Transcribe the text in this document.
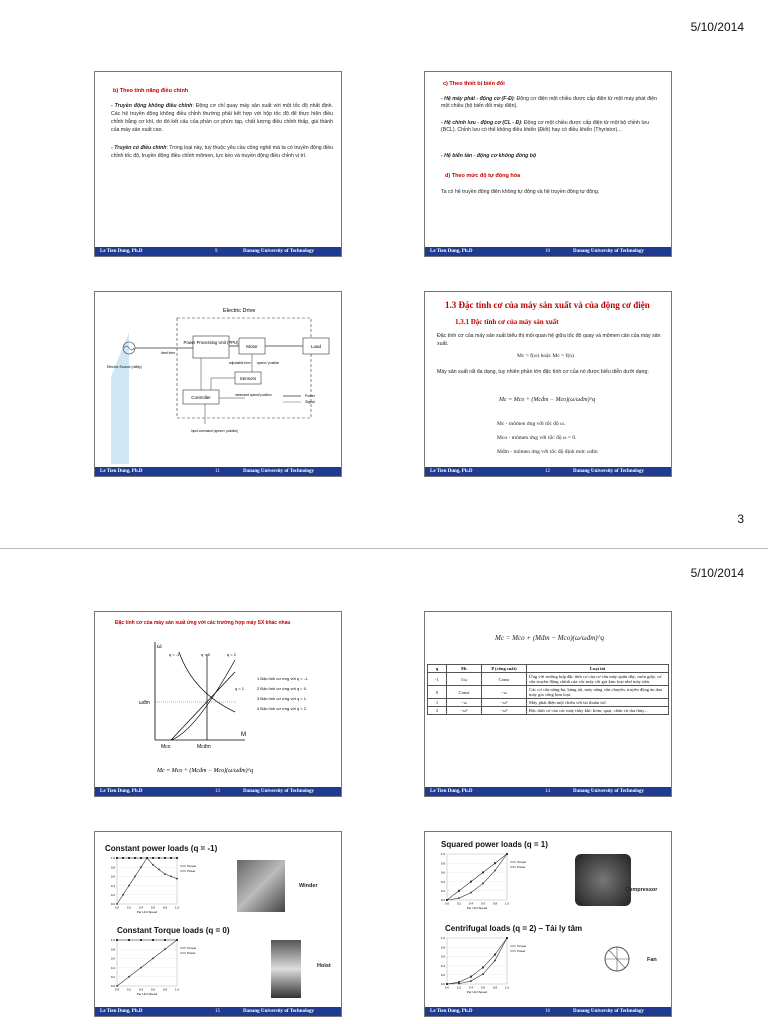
5/10/2014
b) Theo tính năng điều chỉnh
- Truyền động không điều chỉnh: Động cơ chỉ quay máy sản xuất với một tốc độ nhất định. Các hệ truyền động không điều chỉnh thường phải kết hợp với hộp tốc độ để thực hiện điều chỉnh bằng cơ khí, do đó kết cấu của phần cơ phức tạp, chất lượng điều chỉnh thấp, giá thành của máy sản xuất cao.
- Truyền có điều chỉnh: Trong loại này, tuỳ thuộc yêu cầu công nghệ mà ta có truyền động điều chỉnh tốc độ, truyền động điều chỉnh mômen, lực kéo và truyền động điều chỉnh vị trí.
Le Tien Dung, Ph.D	9	Danang University of Technology
c) Theo thiết bị biến đổi
- Hệ máy phát - động cơ (F-Đ): Động cơ điện một chiều được cấp điện từ một máy phát điện một chiều (bộ biến đổi máy điện).
- Hệ chỉnh lưu - động cơ (CL - Đ): Động cơ một chiều được cấp điện từ một bộ chỉnh lưu (BCL). Chỉnh lưu có thể không điều khiển (Điốt) hay có điều khiển (Thyristor)...
- Hệ biến tần - động cơ không đồng bộ
d) Theo mức độ tự động hóa
Ta có hệ truyền động điện không tự động và hệ truyền động tự động.
Le Tien Dung, Ph.D	10	Danang University of Technology
Electric Drive
Power Processing Unit (PPU)
Motor	Load
Sensors
Controller	Power
Signal
Electric Source (utility)
fixed form
adjustable form speed / position
measured speed/ position
input command (speed / position)
Le Tien Dung, Ph.D	11	Danang University of Technology
1.3 Đặc tính cơ của máy sản xuất và của động cơ điện
1.3.1 Đặc tính cơ của máy sản xuất
Đặc tính cơ của máy sản xuất biểu thị mối quan hệ giữa tốc độ quay và mômen cản của máy sản xuất.
Mc = f(ω) hoặc Mc = f(n)
Máy sản xuất rất đa dạng, tuy nhiên phần lớn đặc tính cơ của nó được biểu diễn dưới dạng:
Mc = Mco + (Mcđm − Mco)(ω/ωđm)^q
Mc - mômen ứng với tốc độ ω.
Mco - mômen ứng với tốc độ ω = 0.
Mđm - mômen ứng với tốc độ định mức ωđm
Le Tien Dung, Ph.D	12	Danang University of Technology
3
5/10/2014
Đặc tính cơ của máy sản xuất ứng với các trường hợp máy SX khác nhau
ω
M
ωđm
Mco	Mcđm
q = -1	q = 0	q = 2
q = 1
1 Đặc tính cơ ứng với q = -1.
2 Đặc tính cơ ứng với q = 0.
3 Đặc tính cơ ứng với q = 1.
4 Đặc tính cơ ứng với q = 2.
Mc = Mco + (Mcđm − Mco)(ω/ωđm)^q
Le Tien Dung, Ph.D	13	Danang University of Technology
Mc = Mco + (Mđm − Mco)(ω/ωđm)^q
q	Mc	P (công suất)	Loại tải
-1	1/ω	Const	Ứng với trường hợp đặc tính cơ của cơ cấu máy quấn dây, cuốn giấy, cơ cấu truyền động chính của các máy cắt gọt kim loại như máy tiện.
0	Const	~ω	Các cơ cấu nâng-hạ, băng tải, máy nâng vận chuyển, truyền động ăn dao máy gia công kim loại.
1	~ω	~ω²	Máy phát điện một chiều với tải thuần trở.
2	~ω²	~ω³	Đặc tính cơ của các máy thủy khí: bơm, quạt, chân vịt tàu thủy...
Le Tien Dung, Ph.D	14	Danang University of Technology
Constant power loads (q = -1)
0.0
0.2
0.4
0.6
0.8
1.0
0.0	0.2	0.4	0.6	0.8	1.0
Per Unit Speed
Torque
Power
Winder
Constant Torque loads (q = 0)
0.0
0.2
0.4
0.6
0.8
1.0
0.0	0.2	0.4	0.6	0.8	1.0
Per Unit Speed
Torque
Power
Hoist
Le Tien Dung, Ph.D	15	Danang University of Technology
Squared power loads (q = 1)
0.0
0.2
0.4
0.6
0.8
1.0
0.0	0.2	0.4	0.6	0.8	1.0
Per Unit Speed
Torque
Power
Compressor
Centrifugal loads (q = 2) – Tải ly tâm
0.0
0.2
0.4
0.6
0.8
1.0
0.0	0.2	0.4	0.6	0.8	1.0
Per Unit Speed
Torque
Power
Fan
Le Tien Dung, Ph.D	16	Danang University of Technology
